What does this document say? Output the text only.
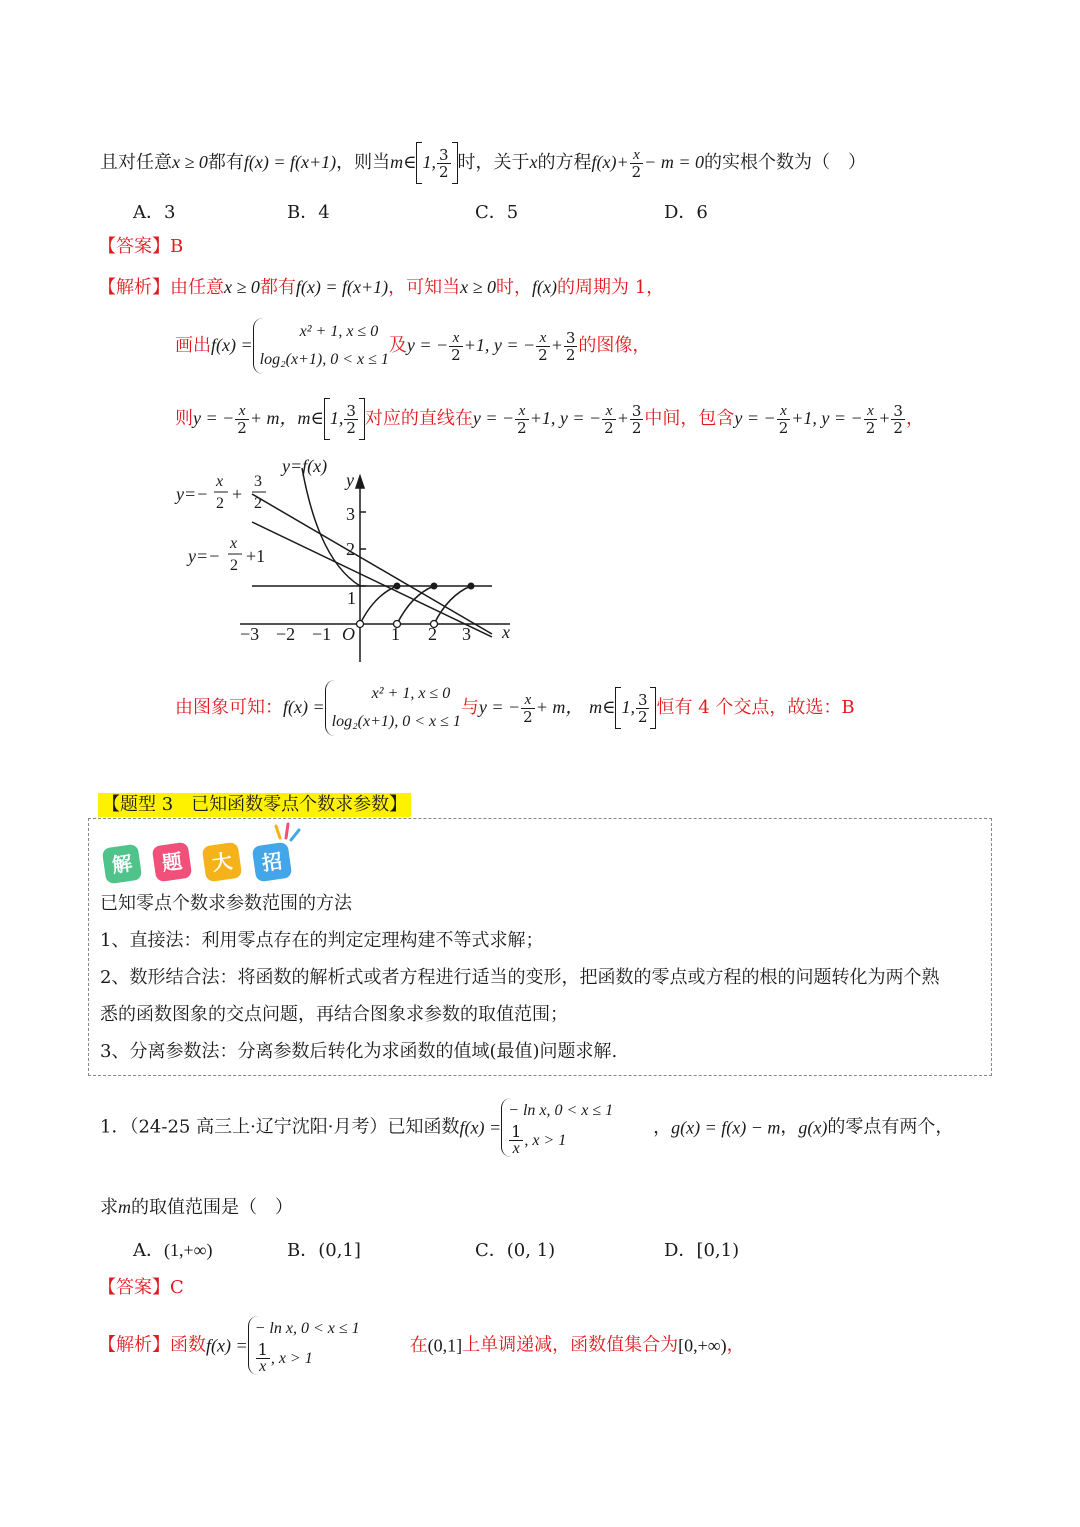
且对任意x ≥ 0都有f(x) = f(x+1)，则当m∈ 1, $\frac{3}{2}$ 时，关于x的方程$f(x)+ \frac{x}{2} - m = 0$的实根个数为（　）
A．3	B．4	C．5	D．6
【答案】B
【解析】由任意x ≥ 0都有f(x) = f(x+1)，可知当x ≥ 0时，f(x)的周期为 1，
画出f(x) =
x² + 1, x ≤ 0
log₂(x+1), 0 < x ≤ 1
及y = − $\frac{x}{2} +1$, y = − $\frac{x}{2} + \frac{3}{2}$ 的图像，
则y = − $\frac{x}{2} + m$，m∈ 1, $\frac{3}{2}$ 对应的直线在y = − $\frac{x}{2} +1$, y = − $\frac{x}{2} + \frac{3}{2}$ 中间，包含y = − $\frac{x}{2} +1$, y = − $\frac{x}{2} + \frac{3}{2}$ ，
y=f(x)
y
x
O
−3 −2 −1	1 2 3
1
2
3
y=−
x
2 +
3
2
y=−
x
2 +1
由图象可知：f(x) =
x² + 1, x ≤ 0
log₂(x+1), 0 < x ≤ 1
与y = − $\frac{x}{2} + m$， m∈ 1, $\frac{3}{2}$ 恒有 4 个交点，故选：B
【题型 3　已知函数零点个数求参数】
解	题	大	招
已知零点个数求参数范围的方法
1、直接法：利用零点存在的判定定理构建不等式求解；
2、数形结合法：将函数的解析式或者方程进行适当的变形，把函数的零点或方程的根的问题转化为两个熟
悉的函数图象的交点问题，再结合图象求参数的取值范围；
3、分离参数法：分离参数后转化为求函数的值域(最值)问题求解.
1．（24-25 高三上·辽宁沈阳·月考）已知函数f(x) =
− ln x, 0 < x ≤ 1
$\frac{1}{x}$ , x > 1
，g(x) = f(x) − m，g(x)的零点有两个，
求m的取值范围是（　）
A．(1,+∞)	B．(0,1]	C．(0, 1)	D．[0,1)
【答案】C
【解析】函数f(x) =
− ln x, 0 < x ≤ 1
$\frac{1}{x}$ , x > 1
在(0,1]上单调递减，函数值集合为[0,+∞)，
